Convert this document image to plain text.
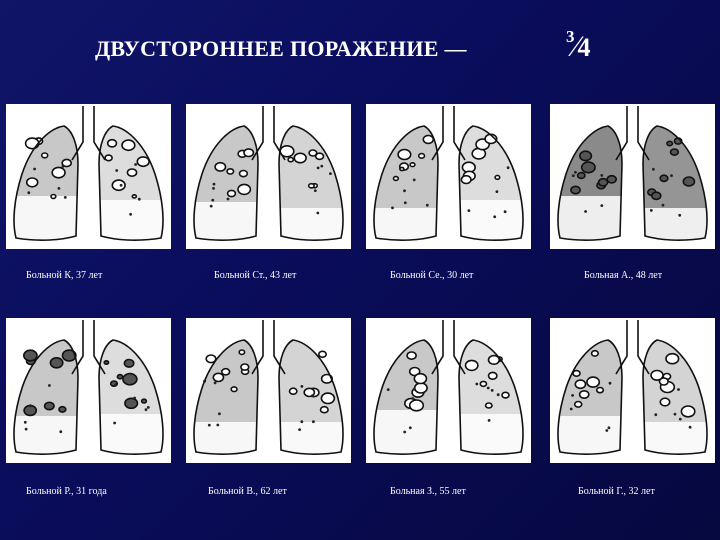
ДВУСТОРОННЕЕ ПОРАЖЕНИЕ —	$^3$⁄4
Больной К, 37 лет	Больной Ст., 43 лет	Больной Се., 30 лет	Больная А., 48 лет
Больной Р., 31 года	Больной В., 62 лет	Больная З., 55 лет	Больной Г., 32 лет
